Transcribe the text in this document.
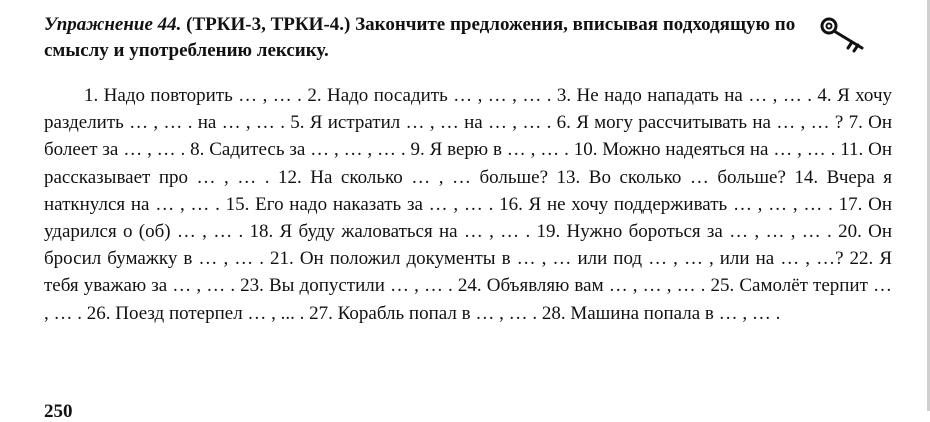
Упражнение 44. (ТРКИ-3, ТРКИ-4.) Закончите предложения, вписывая подходящую по смыслу и употреблению лексику.
1. Надо повторить … , … . 2. Надо посадить … , … , … . 3. Не надо нападать на … , … . 4. Я хочу разделить … , … . на … , … . 5. Я истратил … , … на … , … . 6. Я могу рассчитывать на … , … ? 7. Он болеет за … , … . 8. Садитесь за … , … , … . 9. Я верю в … , … . 10. Можно надеяться на … , … . 11. Он рассказывает про … , … . 12. На сколько … , … больше? 13. Во сколько … больше? 14. Вчера я наткнулся на … , … . 15. Его надо наказать за … , … . 16. Я не хочу поддерживать … , … , … . 17. Он ударился о (об) … , … . 18. Я буду жаловаться на … , … . 19. Нужно бороться за … , … , … . 20. Он бросил бумажку в … , … . 21. Он положил документы в … , … или под … , … , или на … , …? 22. Я тебя уважаю за … , … . 23. Вы допустили … , … . 24. Объявляю вам … , … , … . 25. Самолёт терпит … , … . 26. Поезд потерпел … , ... . 27. Корабль попал в … , … . 28. Машина попала в … , … .
250
